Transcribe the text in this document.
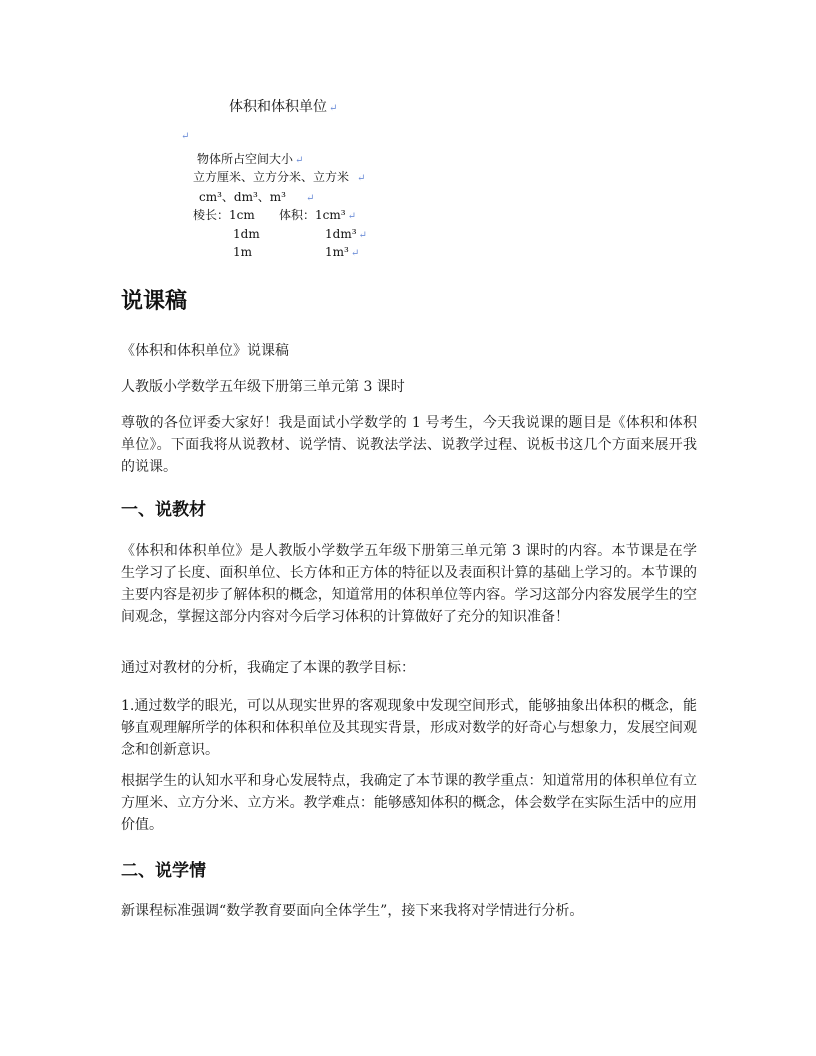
体积和体积单位 ↵
↵
物体所占空间大小 ↵
立方厘米、立方分米、立方米 ↵
cm³、dm³、m³ ↵
棱长：1cm 体积：1cm³ ↵
1dm	1dm³ ↵
1m	1m³ ↵
说课稿

《体积和体积单位》说课稿

人教版小学数学五年级下册第三单元第 3 课时

尊敬的各位评委大家好！我是面试小学数学的 1 号考生，今天我说课的题目是《体积和体积单位》。下面我将从说教材、说学情、说教法学法、说教学过程、说板书这几个方面来展开我的说课。

一、说教材

《体积和体积单位》是人教版小学数学五年级下册第三单元第 3 课时的内容。本节课是在学生学习了长度、面积单位、长方体和正方体的特征以及表面积计算的基础上学习的。本节课的主要内容是初步了解体积的概念，知道常用的体积单位等内容。学习这部分内容发展学生的空间观念，掌握这部分内容对今后学习体积的计算做好了充分的知识准备！

通过对教材的分析，我确定了本课的教学目标：

1.通过数学的眼光，可以从现实世界的客观现象中发现空间形式，能够抽象出体积的概念，能够直观理解所学的体积和体积单位及其现实背景，形成对数学的好奇心与想象力，发展空间观念和创新意识。

根据学生的认知水平和身心发展特点，我确定了本节课的教学重点：知道常用的体积单位有立方厘米、立方分米、立方米。教学难点：能够感知体积的概念，体会数学在实际生活中的应用价值。

二、说学情

新课程标准强调“数学教育要面向全体学生”，接下来我将对学情进行分析。
